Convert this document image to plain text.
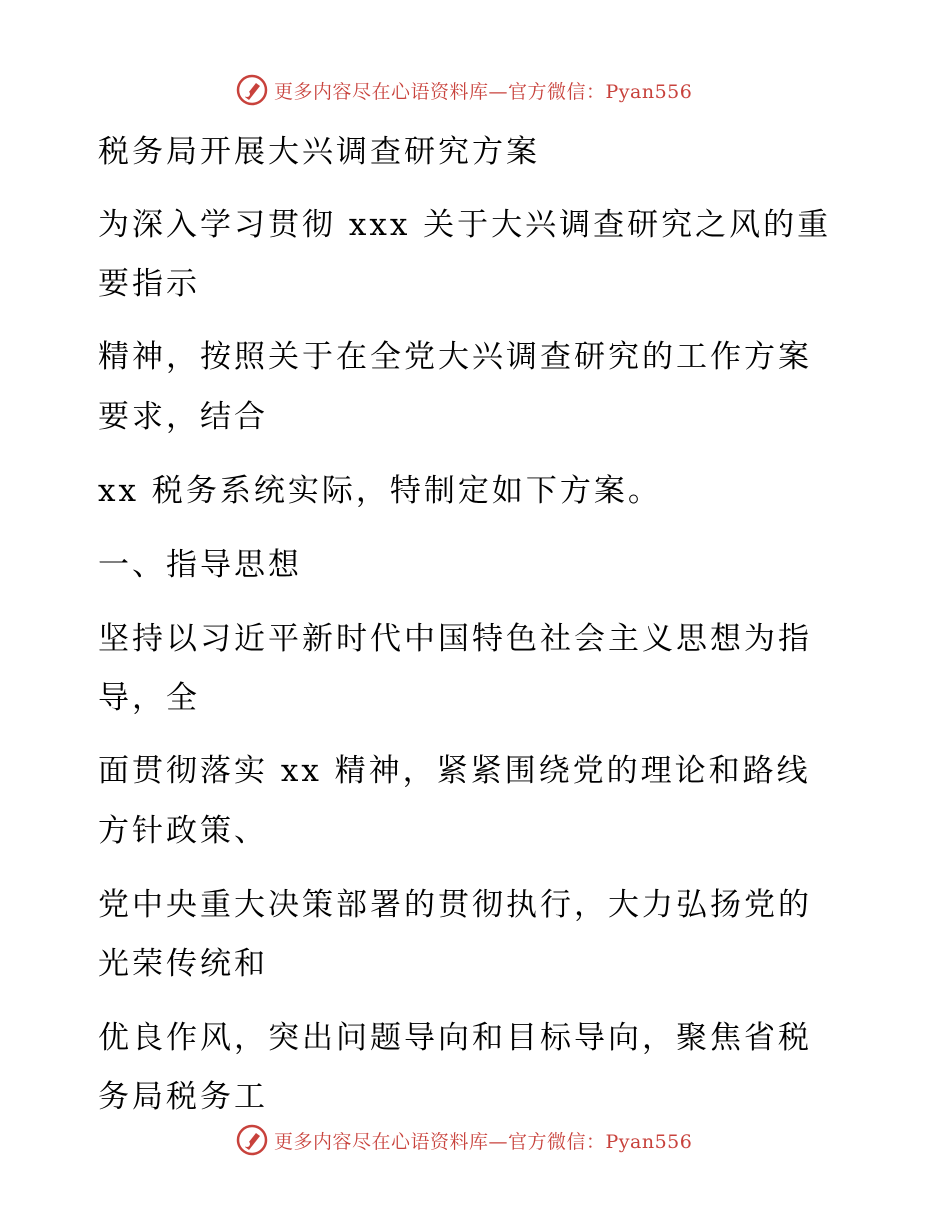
更多内容尽在心语资料库—官方微信：Pyan556
税务局开展大兴调查研究方案
为深入学习贯彻 xxx 关于大兴调查研究之风的重
要指示
精神，按照关于在全党大兴调查研究的工作方案
要求，结合
xx 税务系统实际，特制定如下方案。
一、指导思想
坚持以习近平新时代中国特色社会主义思想为指
导，全
面贯彻落实 xx 精神，紧紧围绕党的理论和路线
方针政策、
党中央重大决策部署的贯彻执行，大力弘扬党的
光荣传统和
优良作风，突出问题导向和目标导向，聚焦省税
务局税务工
更多内容尽在心语资料库—官方微信：Pyan556
